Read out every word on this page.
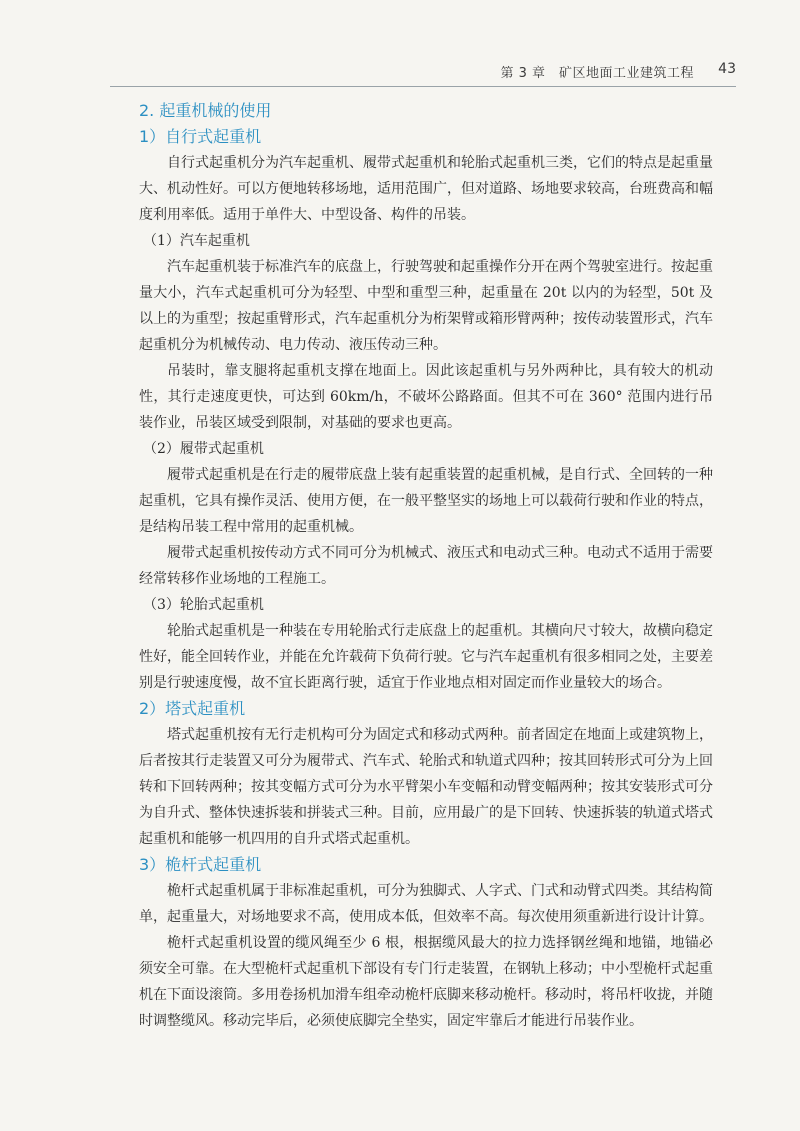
第 3 章　矿区地面工业建筑工程 43
2. 起重机械的使用
1）自行式起重机

自行式起重机分为汽车起重机、履带式起重机和轮胎式起重机三类，它们的特点是起重量大、机动性好。可以方便地转移场地，适用范围广，但对道路、场地要求较高，台班费高和幅度利用率低。适用于单件大、中型设备、构件的吊装。

（1）汽车起重机

汽车起重机装于标准汽车的底盘上，行驶驾驶和起重操作分开在两个驾驶室进行。按起重量大小，汽车式起重机可分为轻型、中型和重型三种，起重量在 20t 以内的为轻型，50t 及以上的为重型；按起重臂形式，汽车起重机分为桁架臂或箱形臂两种；按传动装置形式，汽车起重机分为机械传动、电力传动、液压传动三种。

吊装时，靠支腿将起重机支撑在地面上。因此该起重机与另外两种比，具有较大的机动性，其行走速度更快，可达到 60km/h，不破坏公路路面。但其不可在 360° 范围内进行吊装作业，吊装区域受到限制，对基础的要求也更高。

（2）履带式起重机

履带式起重机是在行走的履带底盘上装有起重装置的起重机械，是自行式、全回转的一种起重机，它具有操作灵活、使用方便，在一般平整坚实的场地上可以载荷行驶和作业的特点，是结构吊装工程中常用的起重机械。

履带式起重机按传动方式不同可分为机械式、液压式和电动式三种。电动式不适用于需要经常转移作业场地的工程施工。

（3）轮胎式起重机

轮胎式起重机是一种装在专用轮胎式行走底盘上的起重机。其横向尺寸较大，故横向稳定性好，能全回转作业，并能在允许载荷下负荷行驶。它与汽车起重机有很多相同之处，主要差别是行驶速度慢，故不宜长距离行驶，适宜于作业地点相对固定而作业量较大的场合。

2）塔式起重机

塔式起重机按有无行走机构可分为固定式和移动式两种。前者固定在地面上或建筑物上，后者按其行走装置又可分为履带式、汽车式、轮胎式和轨道式四种；按其回转形式可分为上回转和下回转两种；按其变幅方式可分为水平臂架小车变幅和动臂变幅两种；按其安装形式可分为自升式、整体快速拆装和拼装式三种。目前，应用最广的是下回转、快速拆装的轨道式塔式起重机和能够一机四用的自升式塔式起重机。

3）桅杆式起重机

桅杆式起重机属于非标准起重机，可分为独脚式、人字式、门式和动臂式四类。其结构简单，起重量大，对场地要求不高，使用成本低，但效率不高。每次使用须重新进行设计计算。

桅杆式起重机设置的缆风绳至少 6 根，根据缆风最大的拉力选择钢丝绳和地锚，地锚必须安全可靠。在大型桅杆式起重机下部设有专门行走装置，在钢轨上移动；中小型桅杆式起重机在下面设滚筒。多用卷扬机加滑车组牵动桅杆底脚来移动桅杆。移动时，将吊杆收拢，并随时调整缆风。移动完毕后，必须使底脚完全垫实，固定牢靠后才能进行吊装作业。
